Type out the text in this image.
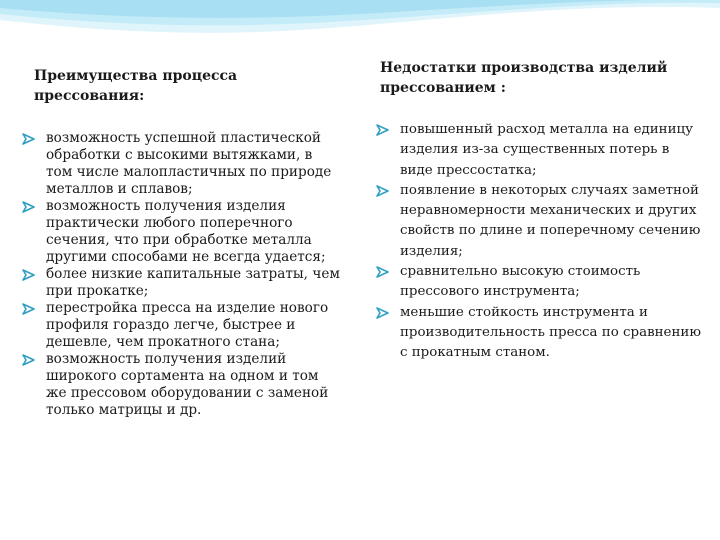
Преимущества процесса прессования:
возможность успешной пластической обработки с высокими вытяжками, в том числе малопластичных по природе металлов и сплавов;
возможность получения изделия практически любого поперечного сечения, что при обработке металла другими способами не всегда удается;
более низкие капитальные затраты, чем при прокатке;
перестройка пресса на изделие нового профиля гораздо легче, быстрее и дешевле, чем прокатного стана;
возможность получения изделий широкого сортамента на одном и том же прессовом оборудовании с заменой только матрицы и др.
Недостатки производства изделий прессованием :
повышенный расход металла на единицу изделия из-за существенных потерь в виде прессостатка;
появление в некоторых случаях заметной неравномерности механических и других свойств по длине и поперечному сечению изделия;
сравнительно высокую стоимость прессового инструмента;
меньшие стойкость инструмента и производительность пресса по сравнению с прокатным станом.
